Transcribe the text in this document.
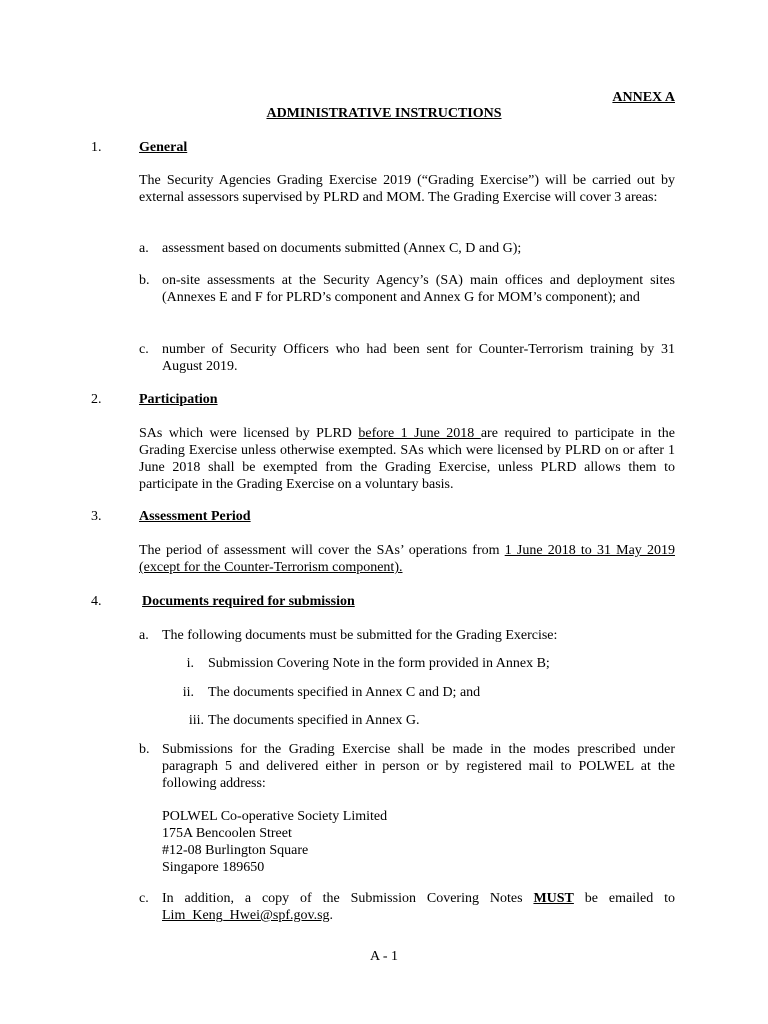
ANNEX A
ADMINISTRATIVE INSTRUCTIONS
1.	General
The Security Agencies Grading Exercise 2019 (“Grading Exercise”) will be carried out by external assessors supervised by PLRD and MOM. The Grading Exercise will cover 3 areas:
a. assessment based on documents submitted (Annex C, D and G);
b. on-site assessments at the Security Agency’s (SA) main offices and deployment sites (Annexes E and F for PLRD’s component and Annex G for MOM’s component); and
c. number of Security Officers who had been sent for Counter-Terrorism training by 31 August 2019.
2.	Participation
SAs which were licensed by PLRD before 1 June 2018 are required to participate in the Grading Exercise unless otherwise exempted. SAs which were licensed by PLRD on or after 1 June 2018 shall be exempted from the Grading Exercise, unless PLRD allows them to participate in the Grading Exercise on a voluntary basis.
3.	Assessment Period
The period of assessment will cover the SAs’ operations from 1 June 2018 to 31 May 2019 (except for the Counter-Terrorism component).
4.	Documents required for submission
a. The following documents must be submitted for the Grading Exercise:
i. Submission Covering Note in the form provided in Annex B;
ii. The documents specified in Annex C and D; and
iii. The documents specified in Annex G.
b. Submissions for the Grading Exercise shall be made in the modes prescribed under paragraph 5 and delivered either in person or by registered mail to POLWEL at the following address:
POLWEL Co-operative Society Limited
175A Bencoolen Street
#12-08 Burlington Square
Singapore 189650
c. In addition, a copy of the Submission Covering Notes MUST be emailed to Lim_Keng_Hwei@spf.gov.sg.
A - 1
